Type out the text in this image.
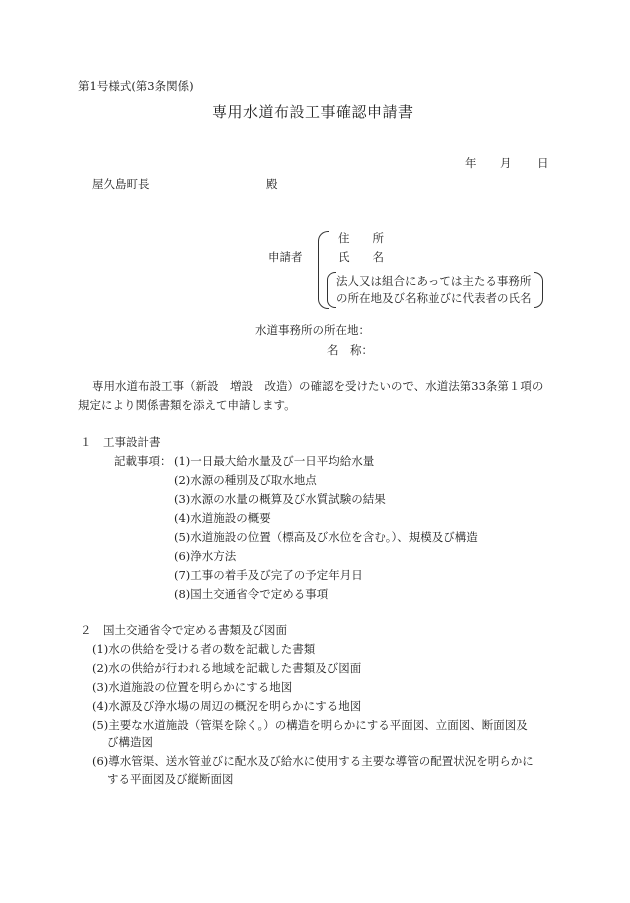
第1号様式(第3条関係)
専用水道布設工事確認申請書
年 月 日
屋久島町長	殿
申請者
住　　所
氏　　名
法人又は組合にあっては主たる事務所
の所在地及び名称並びに代表者の氏名
水道事務所の所在地：
名　称：
専用水道布設工事（新設　増設　改造）の確認を受けたいので、水道法第33条第１項の
規定により関係書類を添えて申請します。
１　工事設計書
記載事項： (1)一日最大給水量及び一日平均給水量
(2)水源の種別及び取水地点
(3)水源の水量の概算及び水質試験の結果
(4)水道施設の概要
(5)水道施設の位置（標高及び水位を含む。）、規模及び構造
(6)浄水方法
(7)工事の着手及び完了の予定年月日
(8)国土交通省令で定める事項
２　国土交通省令で定める書類及び図面
(1)水の供給を受ける者の数を記載した書類
(2)水の供給が行われる地域を記載した書類及び図面
(3)水道施設の位置を明らかにする地図
(4)水源及び浄水場の周辺の概況を明らかにする地図
(5)主要な水道施設（管渠を除く。）の構造を明らかにする平面図、立面図、断面図及
び構造図
(6)導水管渠、送水管並びに配水及び給水に使用する主要な導管の配置状況を明らかに
する平面図及び縦断面図
